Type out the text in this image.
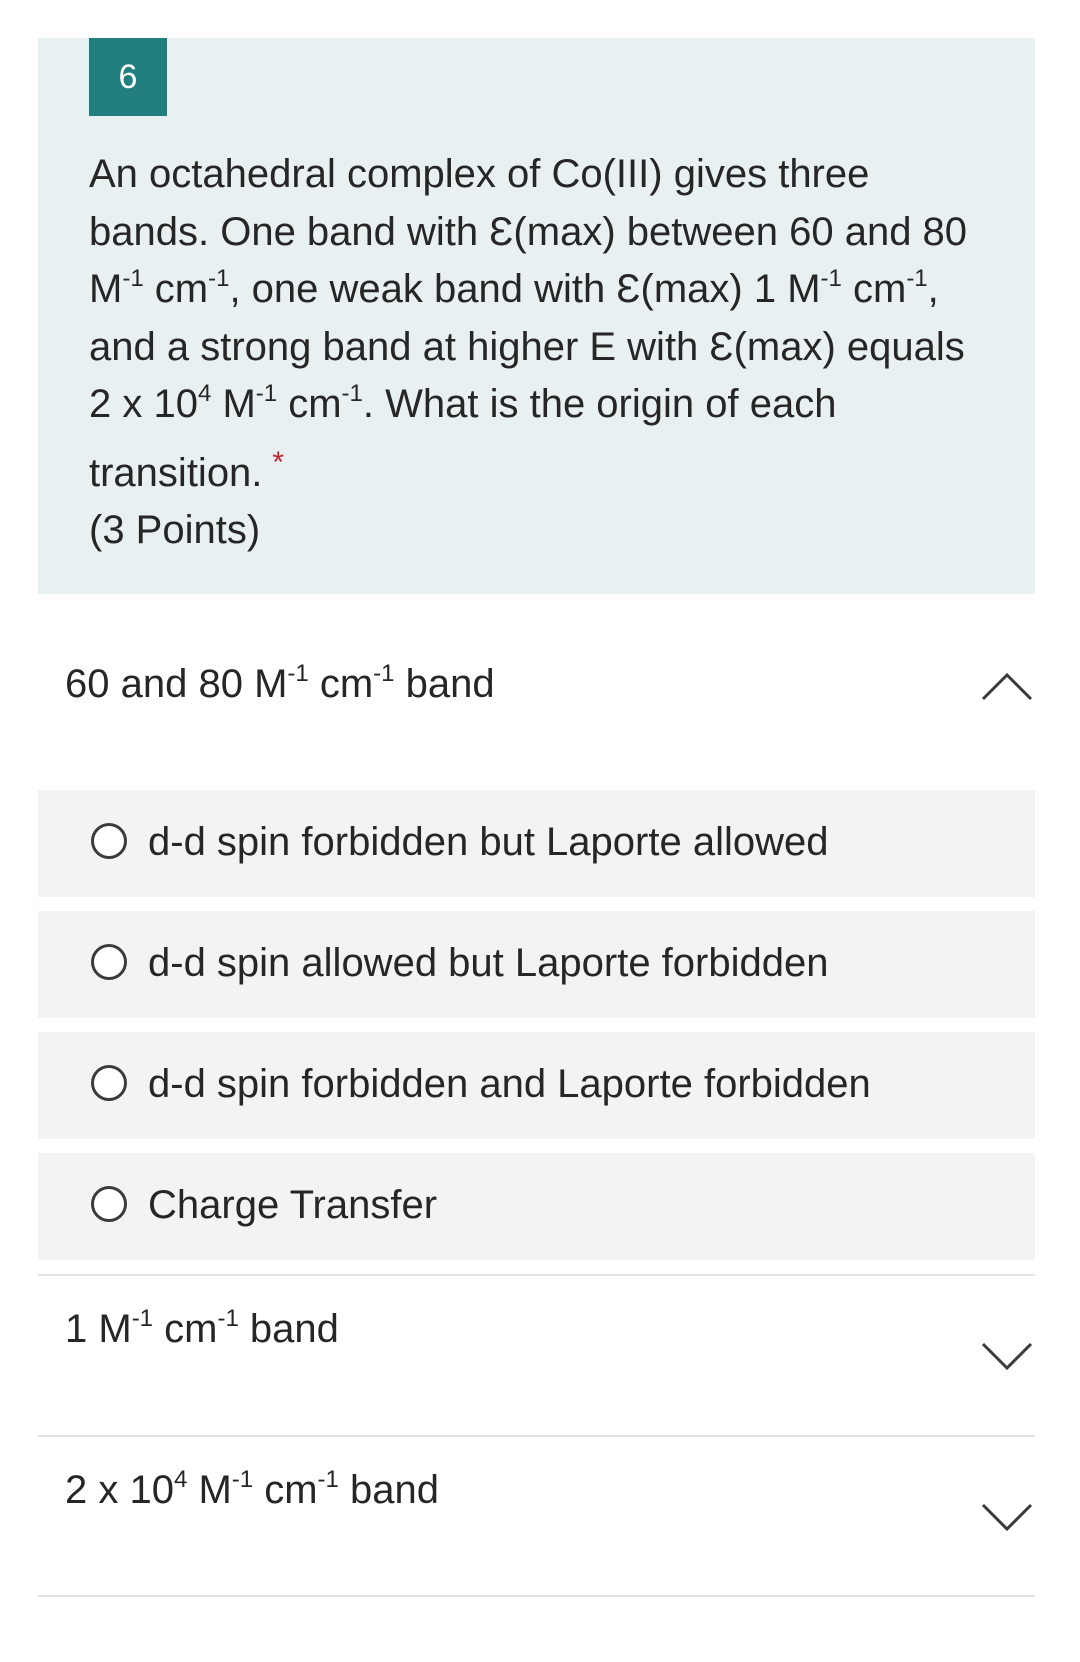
6
An octahedral complex of Co(III) gives three bands. One band with Ɛ(max) between 60 and 80 $M^{-1}$ $cm^{-1}$, one weak band with Ɛ(max) 1 $M^{-1}$ $cm^{-1}$, and a strong band at higher E with Ɛ(max) equals 2 x $10^4$ $M^{-1}$ $cm^{-1}$. What is the origin of each transition. *
(3 Points)
60 and 80 $M^{-1}$ $cm^{-1}$ band
d-d spin forbidden but Laporte allowed
d-d spin allowed but Laporte forbidden
d-d spin forbidden and Laporte forbidden
Charge Transfer
1 $M^{-1}$ $cm^{-1}$ band
2 x $10^4$ $M^{-1}$ $cm^{-1}$ band
